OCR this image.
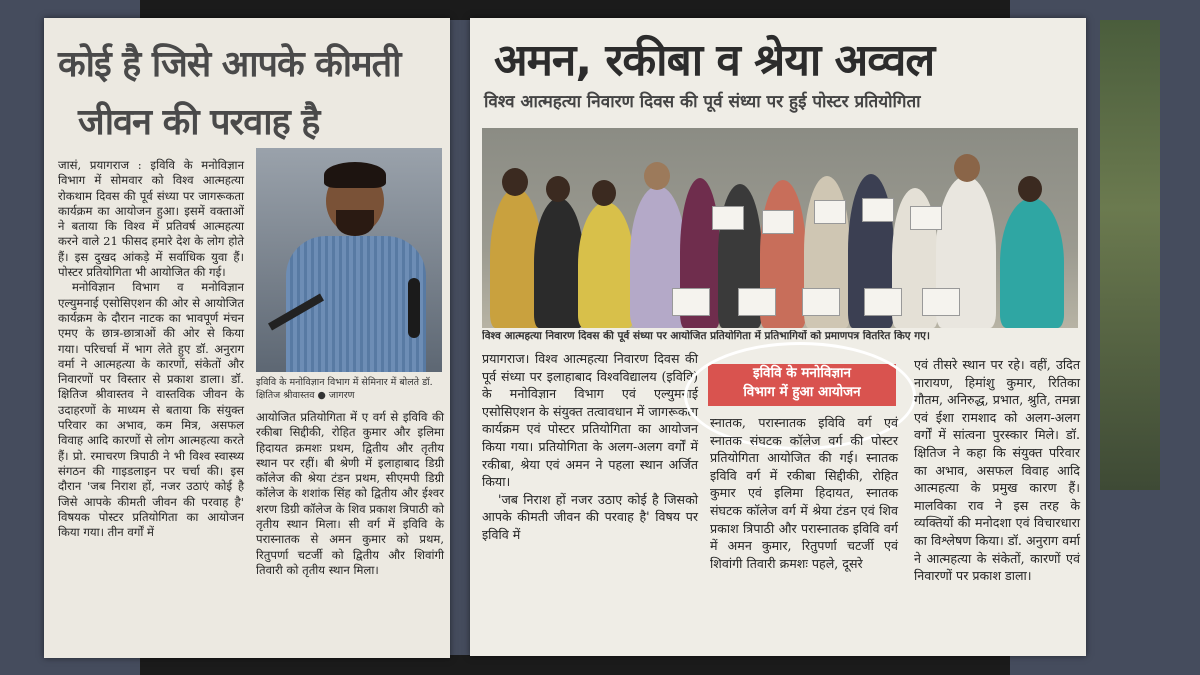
कोई है जिसे आपके कीमती
जीवन की परवाह है

जासं, प्रयागराज : इविवि के मनोविज्ञान विभाग में सोमवार को विश्व आत्महत्या रोकथाम दिवस की पूर्व संध्या पर जागरूकता कार्यक्रम का आयोजन हुआ। इसमें वक्ताओं ने बताया कि विश्व में प्रतिवर्ष आत्महत्या करने वाले 21 फीसद हमारे देश के लोग होते हैं। इस दुखद आंकड़े में सर्वाधिक युवा हैं। पोस्टर प्रतियोगिता भी आयोजित की गई।

मनोविज्ञान विभाग व मनोविज्ञान एल्युमनाई एसोसिएशन की ओर से आयोजित कार्यक्रम के दौरान नाटक का भावपूर्ण मंचन एमए के छात्र-छात्राओं की ओर से किया गया। परिचर्चा में भाग लेते हुए डॉ. अनुराग वर्मा ने आत्महत्या के कारणों, संकेतों और निवारणों पर विस्तार से प्रकाश डाला। डॉ. क्षितिज श्रीवास्तव ने वास्तविक जीवन के उदाहरणों के माध्यम से बताया कि संयुक्त परिवार का अभाव, कम मित्र, असफल विवाह आदि कारणों से लोग आत्महत्या करते हैं। प्रो. रमाचरण त्रिपाठी ने भी विश्व स्वास्थ्य संगठन की गाइडलाइन पर चर्चा की। इस दौरान 'जब निराश हों, नजर उठाएं कोई है जिसे आपके कीमती जीवन की परवाह है' विषयक पोस्टर प्रतियोगिता का आयोजन किया गया। तीन वर्गों में

इविवि के मनोविज्ञान विभाग में सेमिनार में बोलते डॉ. क्षितिज श्रीवास्तव ● जागरण
आयोजित प्रतियोगिता में ए वर्ग से इविवि की रकीबा सिद्दीकी, रोहित कुमार और इलिमा हिदायत क्रमशः प्रथम, द्वितीय और तृतीय स्थान पर रहीं। बी श्रेणी में इलाहाबाद डिग्री कॉलेज की श्रेया टंडन प्रथम, सीएमपी डिग्री कॉलेज के शशांक सिंह को द्वितीय और ईश्वर शरण डिग्री कॉलेज के शिव प्रकाश त्रिपाठी को तृतीय स्थान मिला। सी वर्ग में इविवि के परास्नातक से अमन कुमार को प्रथम, रितुपर्णा चटर्जी को द्वितीय और शिवांगी तिवारी को तृतीय स्थान मिला।
अमन, रकीबा व श्रेया अव्वल
विश्व आत्महत्या निवारण दिवस की पूर्व संध्या पर हुई पोस्टर प्रतियोगिता
विश्व आत्महत्या निवारण दिवस की पूर्व संध्या पर आयोजित प्रतियोगिता में प्रतिभागियों को प्रमाणपत्र वितरित किए गए।

प्रयागराज। विश्व आत्महत्या निवारण दिवस की पूर्व संध्या पर इलाहाबाद विश्वविद्यालय (इविवि) के मनोविज्ञान विभाग एवं एल्युमनाई एसोसिएशन के संयुक्त तत्वावधान में जागरूकता कार्यक्रम एवं पोस्टर प्रतियोगिता का आयोजन किया गया। प्रतियोगिता के अलग-अलग वर्गों में रकीबा, श्रेया एवं अमन ने पहला स्थान अर्जित किया।

'जब निराश हों नजर उठाए कोई है जिसको आपके कीमती जीवन की परवाह है' विषय पर इविवि में

इविवि के मनोविज्ञान
विभाग में हुआ आयोजन
स्नातक, परास्नातक इविवि वर्ग एवं स्नातक संघटक कॉलेज वर्ग की पोस्टर प्रतियोगिता आयोजित की गई। स्नातक इविवि वर्ग में रकीबा सिद्दीकी, रोहित कुमार एवं इलिमा हिदायत, स्नातक संघटक कॉलेज वर्ग में श्रेया टंडन एवं शिव प्रकाश त्रिपाठी और परास्नातक इविवि वर्ग में अमन कुमार, रितुपर्णा चटर्जी एवं शिवांगी तिवारी क्रमशः पहले, दूसरे
एवं तीसरे स्थान पर रहे। वहीं, उदित नारायण, हिमांशु कुमार, रितिका गौतम, अनिरुद्ध, प्रभात, श्रुति, तमन्ना एवं ईशा रामशाद को अलग-अलग वर्गों में सांत्वना पुरस्कार मिले। डॉ. क्षितिज ने कहा कि संयुक्त परिवार का अभाव, असफल विवाह आदि आत्महत्या के प्रमुख कारण हैं। मालविका राव ने इस तरह के व्यक्तियों की मनोदशा एवं विचारधारा का विश्लेषण किया। डॉ. अनुराग वर्मा ने आत्महत्या के संकेतों, कारणों एवं निवारणों पर प्रकाश डाला।
